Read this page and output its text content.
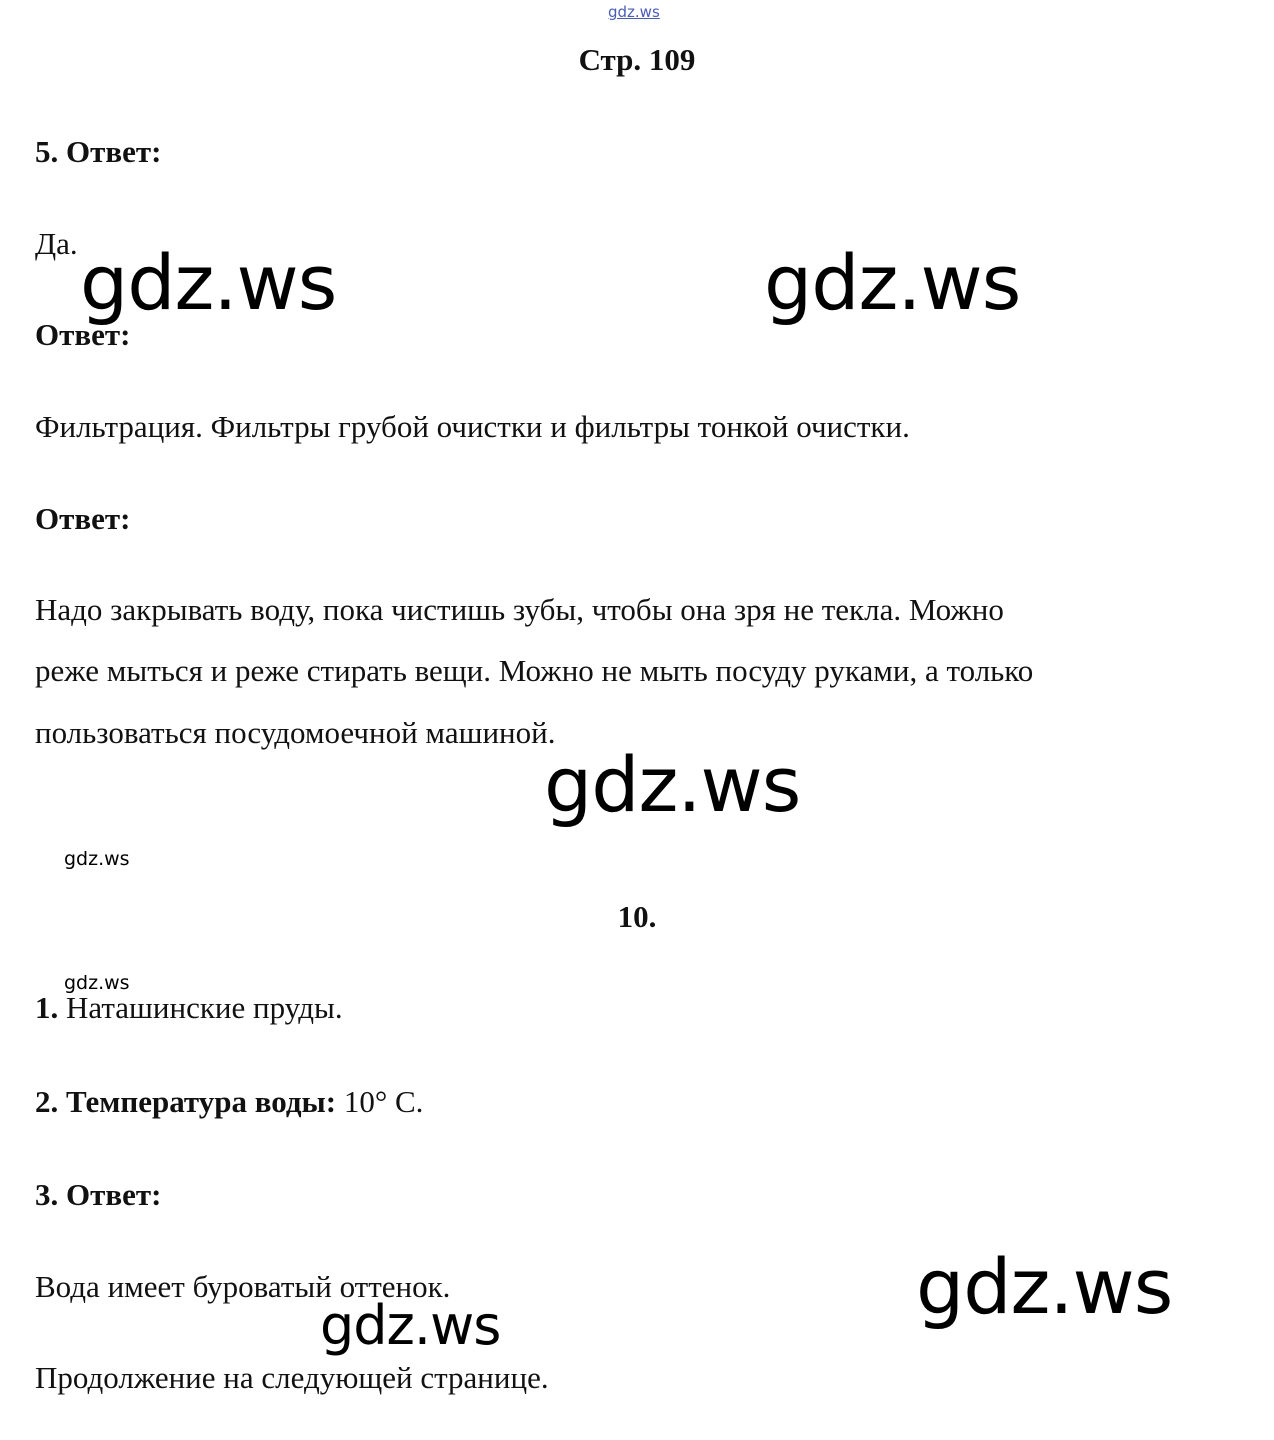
gdz.ws
Стр. 109
5. Ответ:
Да.
Ответ:
Фильтрация. Фильтры грубой очистки и фильтры тонкой очистки.
Ответ:
Надо закрывать воду, пока чистишь зубы, чтобы она зря не текла. Можно
реже мыться и реже стирать вещи. Можно не мыть посуду руками, а только
пользоваться посудомоечной машиной.
10.
1. Наташинские пруды.
2. Температура воды: 10° С.
3. Ответ:
Вода имеет буроватый оттенок.
Продолжение на следующей странице.
gdz.ws	gdz.ws
gdz.ws
gdz.ws
gdz.ws
gdz.ws
gdz.ws
